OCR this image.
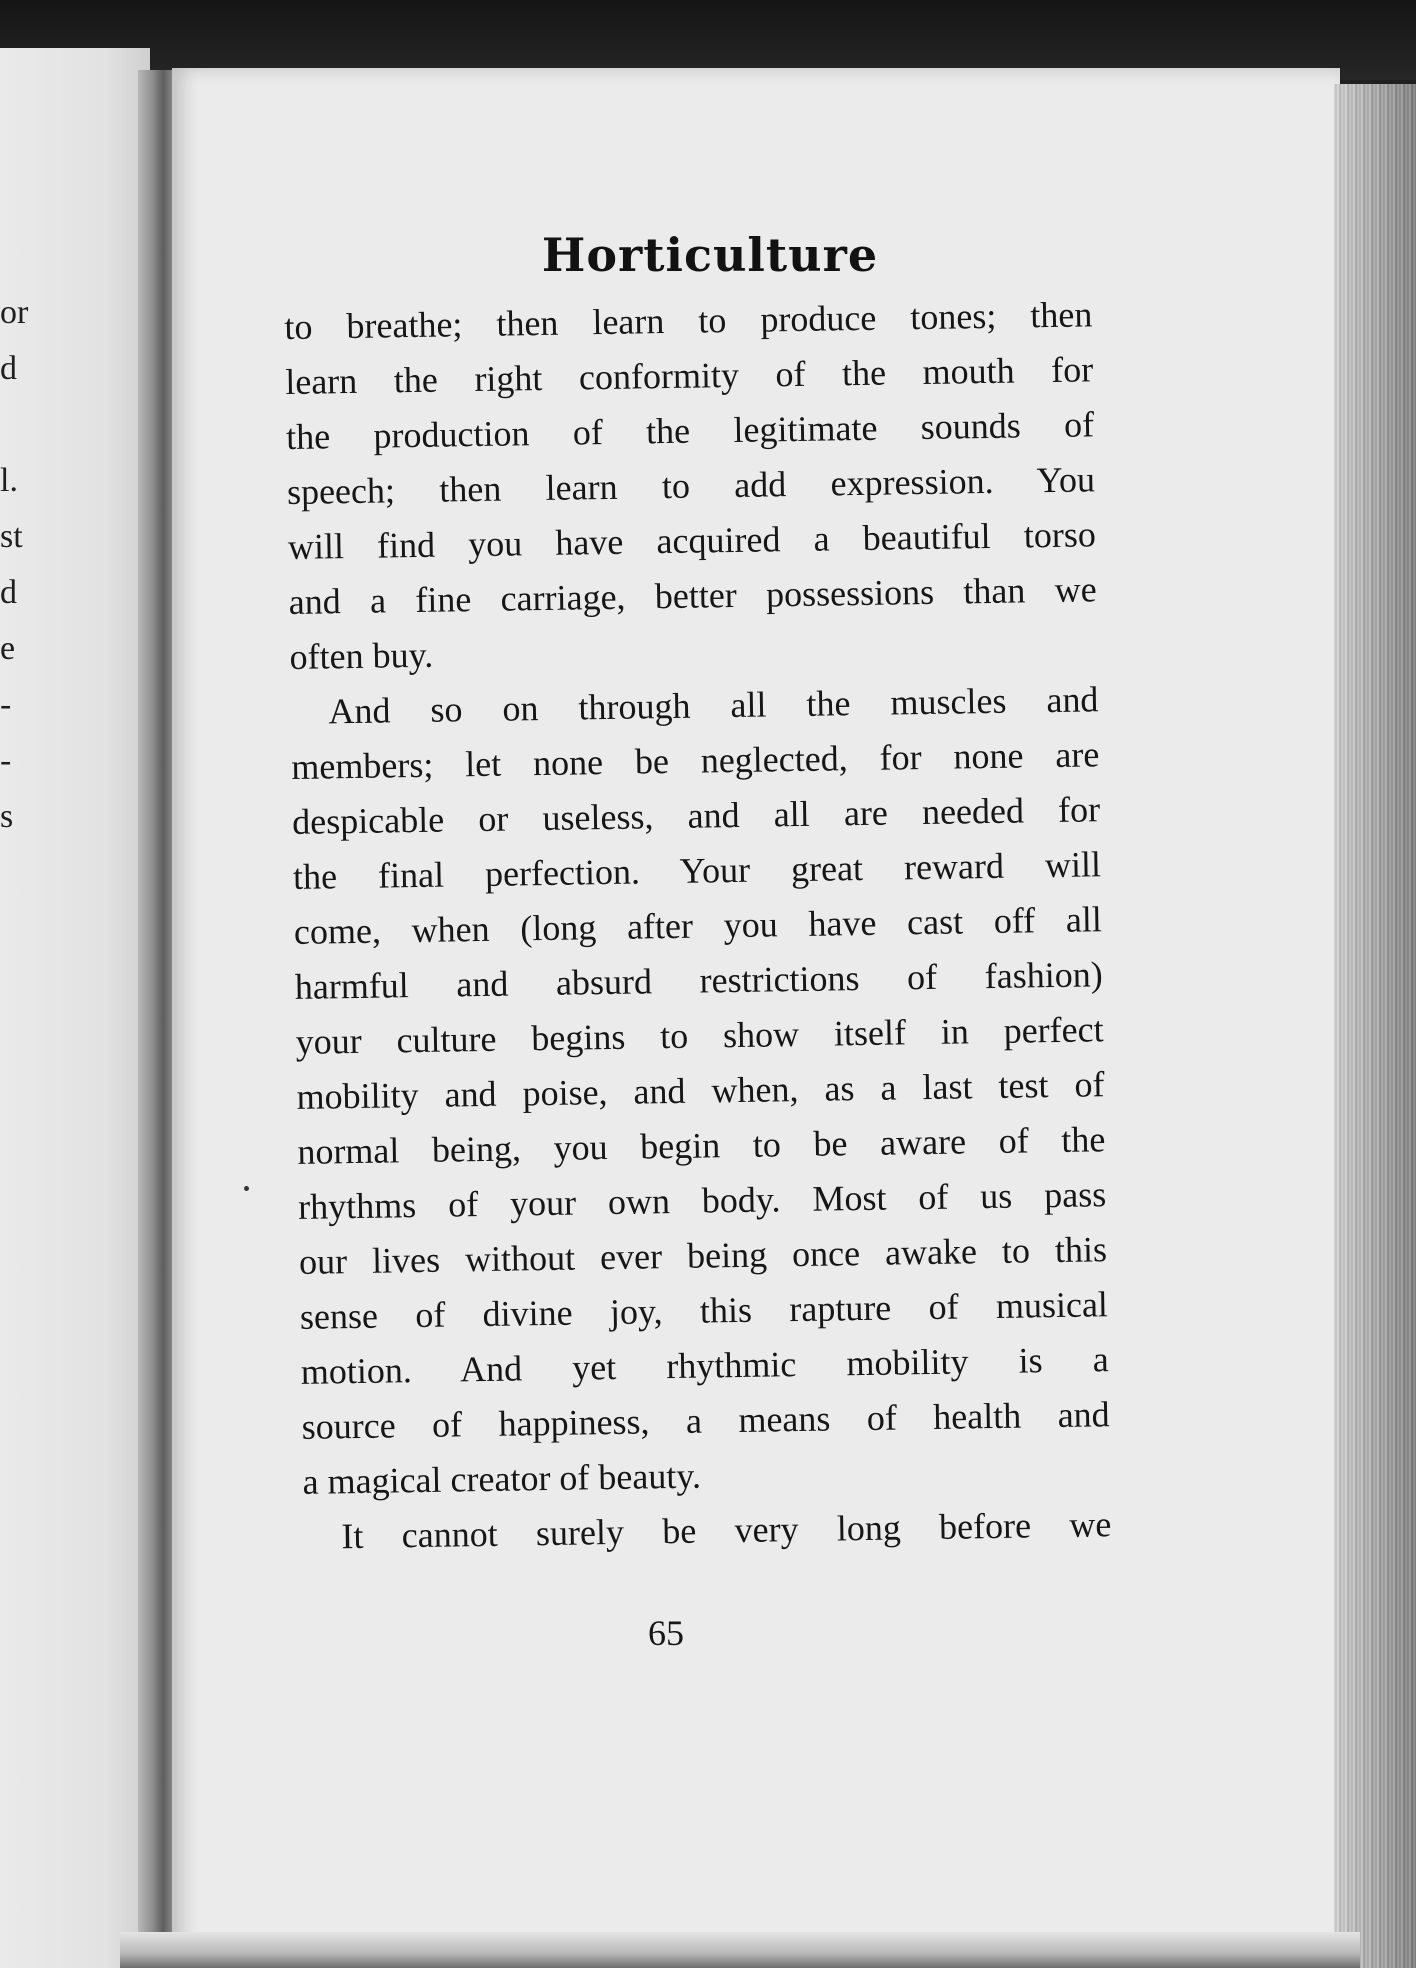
or
d
l.
st
d
e
-
-
s
Horticulture
to breathe; then learn to produce tones; then
learn the right conformity of the mouth for
the production of the legitimate sounds of
speech; then learn to add expression. You
will find you have acquired a beautiful torso
and a fine carriage, better possessions than we
often buy.
And so on through all the muscles and
members; let none be neglected, for none are
despicable or useless, and all are needed for
the final perfection. Your great reward will
come, when (long after you have cast off all
harmful and absurd restrictions of fashion)
your culture begins to show itself in perfect
mobility and poise, and when, as a last test of
normal being, you begin to be aware of the
rhythms of your own body. Most of us pass
our lives without ever being once awake to this
sense of divine joy, this rapture of musical
motion. And yet rhythmic mobility is a
source of happiness, a means of health and
a magical creator of beauty.
It cannot surely be very long before we
65
